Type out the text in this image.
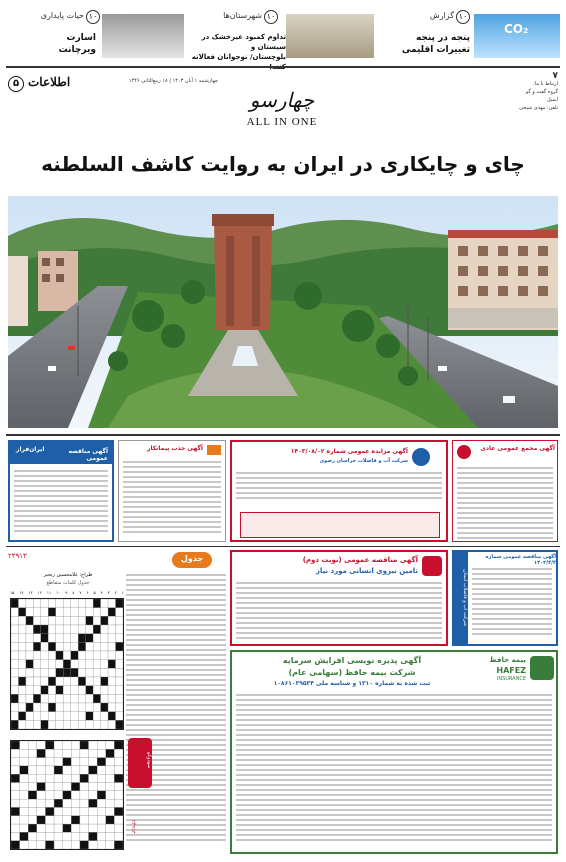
CO₂
۱۰
گزارش
پنجه در پنجه
تغییرات اقلیمی
۱۰
شهرستان‌ها
تداوم کمبود غیرخشک در سیستان و
بلوچستان/ نوجوانان فعالانه
۱۰
حیات پایداری
اسارت
ویرچانت
۵ اطلاعات	چهارشنبه ۱ آبان ۱۴۰۳ | ۱۸ ربیع‌الثانی ۱۴۴۶
چهارسو
ALL IN ONE
۷
ارتباط با ما:
گروه گفت و گو
ایمیل
تلفن: مهدی شیخی
چای و چایکاری در ایران به روایت کاشف السلطنه
آگهی مجمع عمومی عادی
آگهی مزایده عمومی شماره ۱۴۰۳/۰۸/۰۲
شرکت آب و فاضلاب خراسان رضوی
آگهی جذب پیمانکار
ایران‌فراز	آگهی مناقصه عمومی
شرکت آب و فاضلاب استان
آگهی مناقصه عمومی شماره ۱۴۰۳/۴/۴
آگهی مناقصه عمومی (نوبت دوم)
تامین نیروی انسانی مورد نیاز
بیمه حافظ
HAFEZ
INSURANCE
آگهی پذیره نویسی افزایش سرمایه
شرکت بیمه حافظ (سهامی عام)
ثبت شده به شماره ۱۳۱۰ و شناسه ملی ۱۰۸۶۱۰۳۹۵۳۴
۲۴۹۱۳	جدول
طراح: غلامحسین رنجبر
جدول کلمات متقاطع
۱۵ ۱۴ ۱۳ ۱۲ ۱۱ ۱۰ ۹ ۸ ۷ ۶ ۵ ۴ ۳ ۲ ۱
سودوکو
۲۴۹۱۳
